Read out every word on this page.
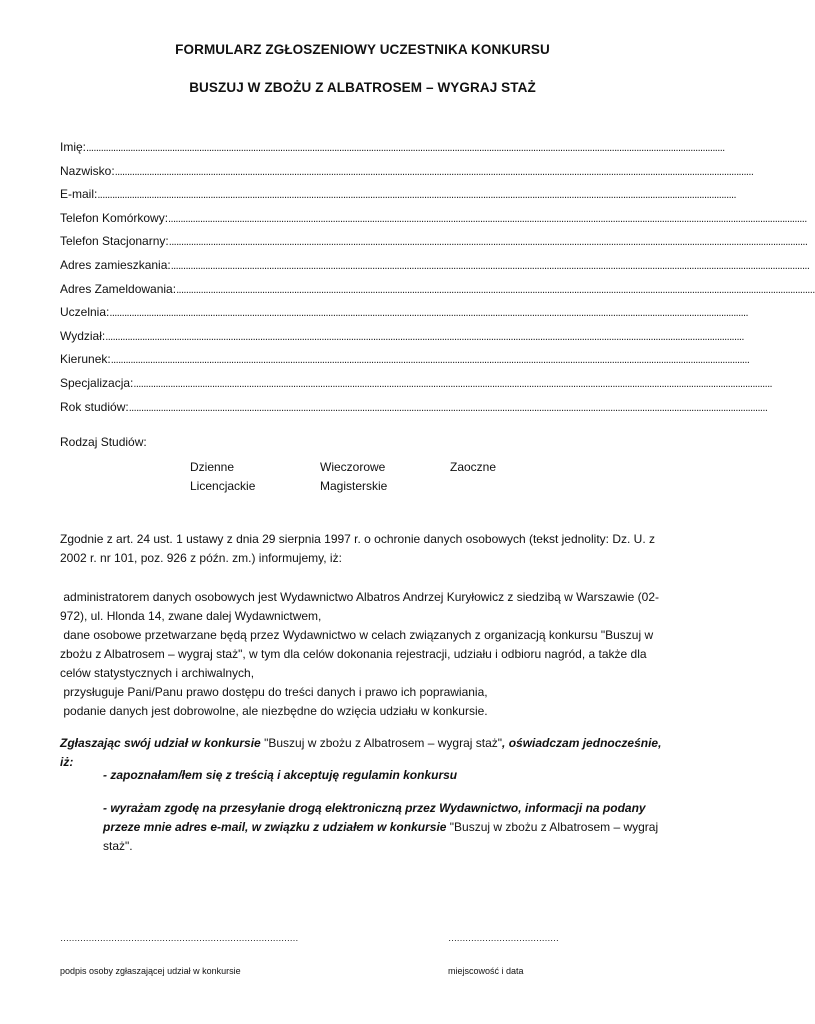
FORMULARZ ZGŁOSZENIOWY UCZESTNIKA KONKURSU
BUSZUJ W ZBOŻU Z ALBATROSEM – WYGRAJ STAŻ
Imię: ....................................................................................................................................................................................................................................................................
Nazwisko: ....................................................................................................................................................................................................................................................................
E-mail: ....................................................................................................................................................................................................................................................................
Telefon Komórkowy: ....................................................................................................................................................................................................................................................................
Telefon Stacjonarny: ....................................................................................................................................................................................................................................................................
Adres zamieszkania: ....................................................................................................................................................................................................................................................................
Adres Zameldowania: ....................................................................................................................................................................................................................................................................
Uczelnia: ....................................................................................................................................................................................................................................................................
Wydział: ....................................................................................................................................................................................................................................................................
Kierunek: ....................................................................................................................................................................................................................................................................
Specjalizacja: ....................................................................................................................................................................................................................................................................
Rok studiów: ....................................................................................................................................................................................................................................................................
Rodzaj Studiów:
Dzienne	Wieczorowe	Zaoczne
Licencjackie	Magisterskie
Zgodnie z art. 24 ust. 1 ustawy z dnia 29 sierpnia 1997 r. o ochronie danych osobowych (tekst jednolity: Dz. U. z 2002 r. nr 101, poz. 926 z późn. zm.) informujemy, iż:

administratorem danych osobowych jest Wydawnictwo Albatros Andrzej Kuryłowicz z siedzibą w Warszawie (02-972), ul. Hlonda 14, zwane dalej Wydawnictwem,

dane osobowe przetwarzane będą przez Wydawnictwo w celach związanych z organizacją konkursu "Buszuj w zbożu z Albatrosem – wygraj staż", w tym dla celów dokonania rejestracji, udziału i odbioru nagród, a także dla celów statystycznych i archiwalnych,

przysługuje Pani/Panu prawo dostępu do treści danych i prawo ich poprawiania,

podanie danych jest dobrowolne, ale niezbędne do wzięcia udziału w konkursie.

Zgłaszając swój udział w konkursie "Buszuj w zbożu z Albatrosem – wygraj staż", oświadczam jednocześnie, iż:
- zapoznałam/łem się z treścią i akceptuję regulamin konkursu
- wyrażam zgodę na przesyłanie drogą elektroniczną przez Wydawnictwo, informacji na podany przeze mnie adres e-mail, w związku z udziałem w konkursie "Buszuj w zbożu z Albatrosem – wygraj staż".
…………………………………………………………………………	…………………………………
podpis osoby zgłaszającej udział w konkursie	miejscowość i data
